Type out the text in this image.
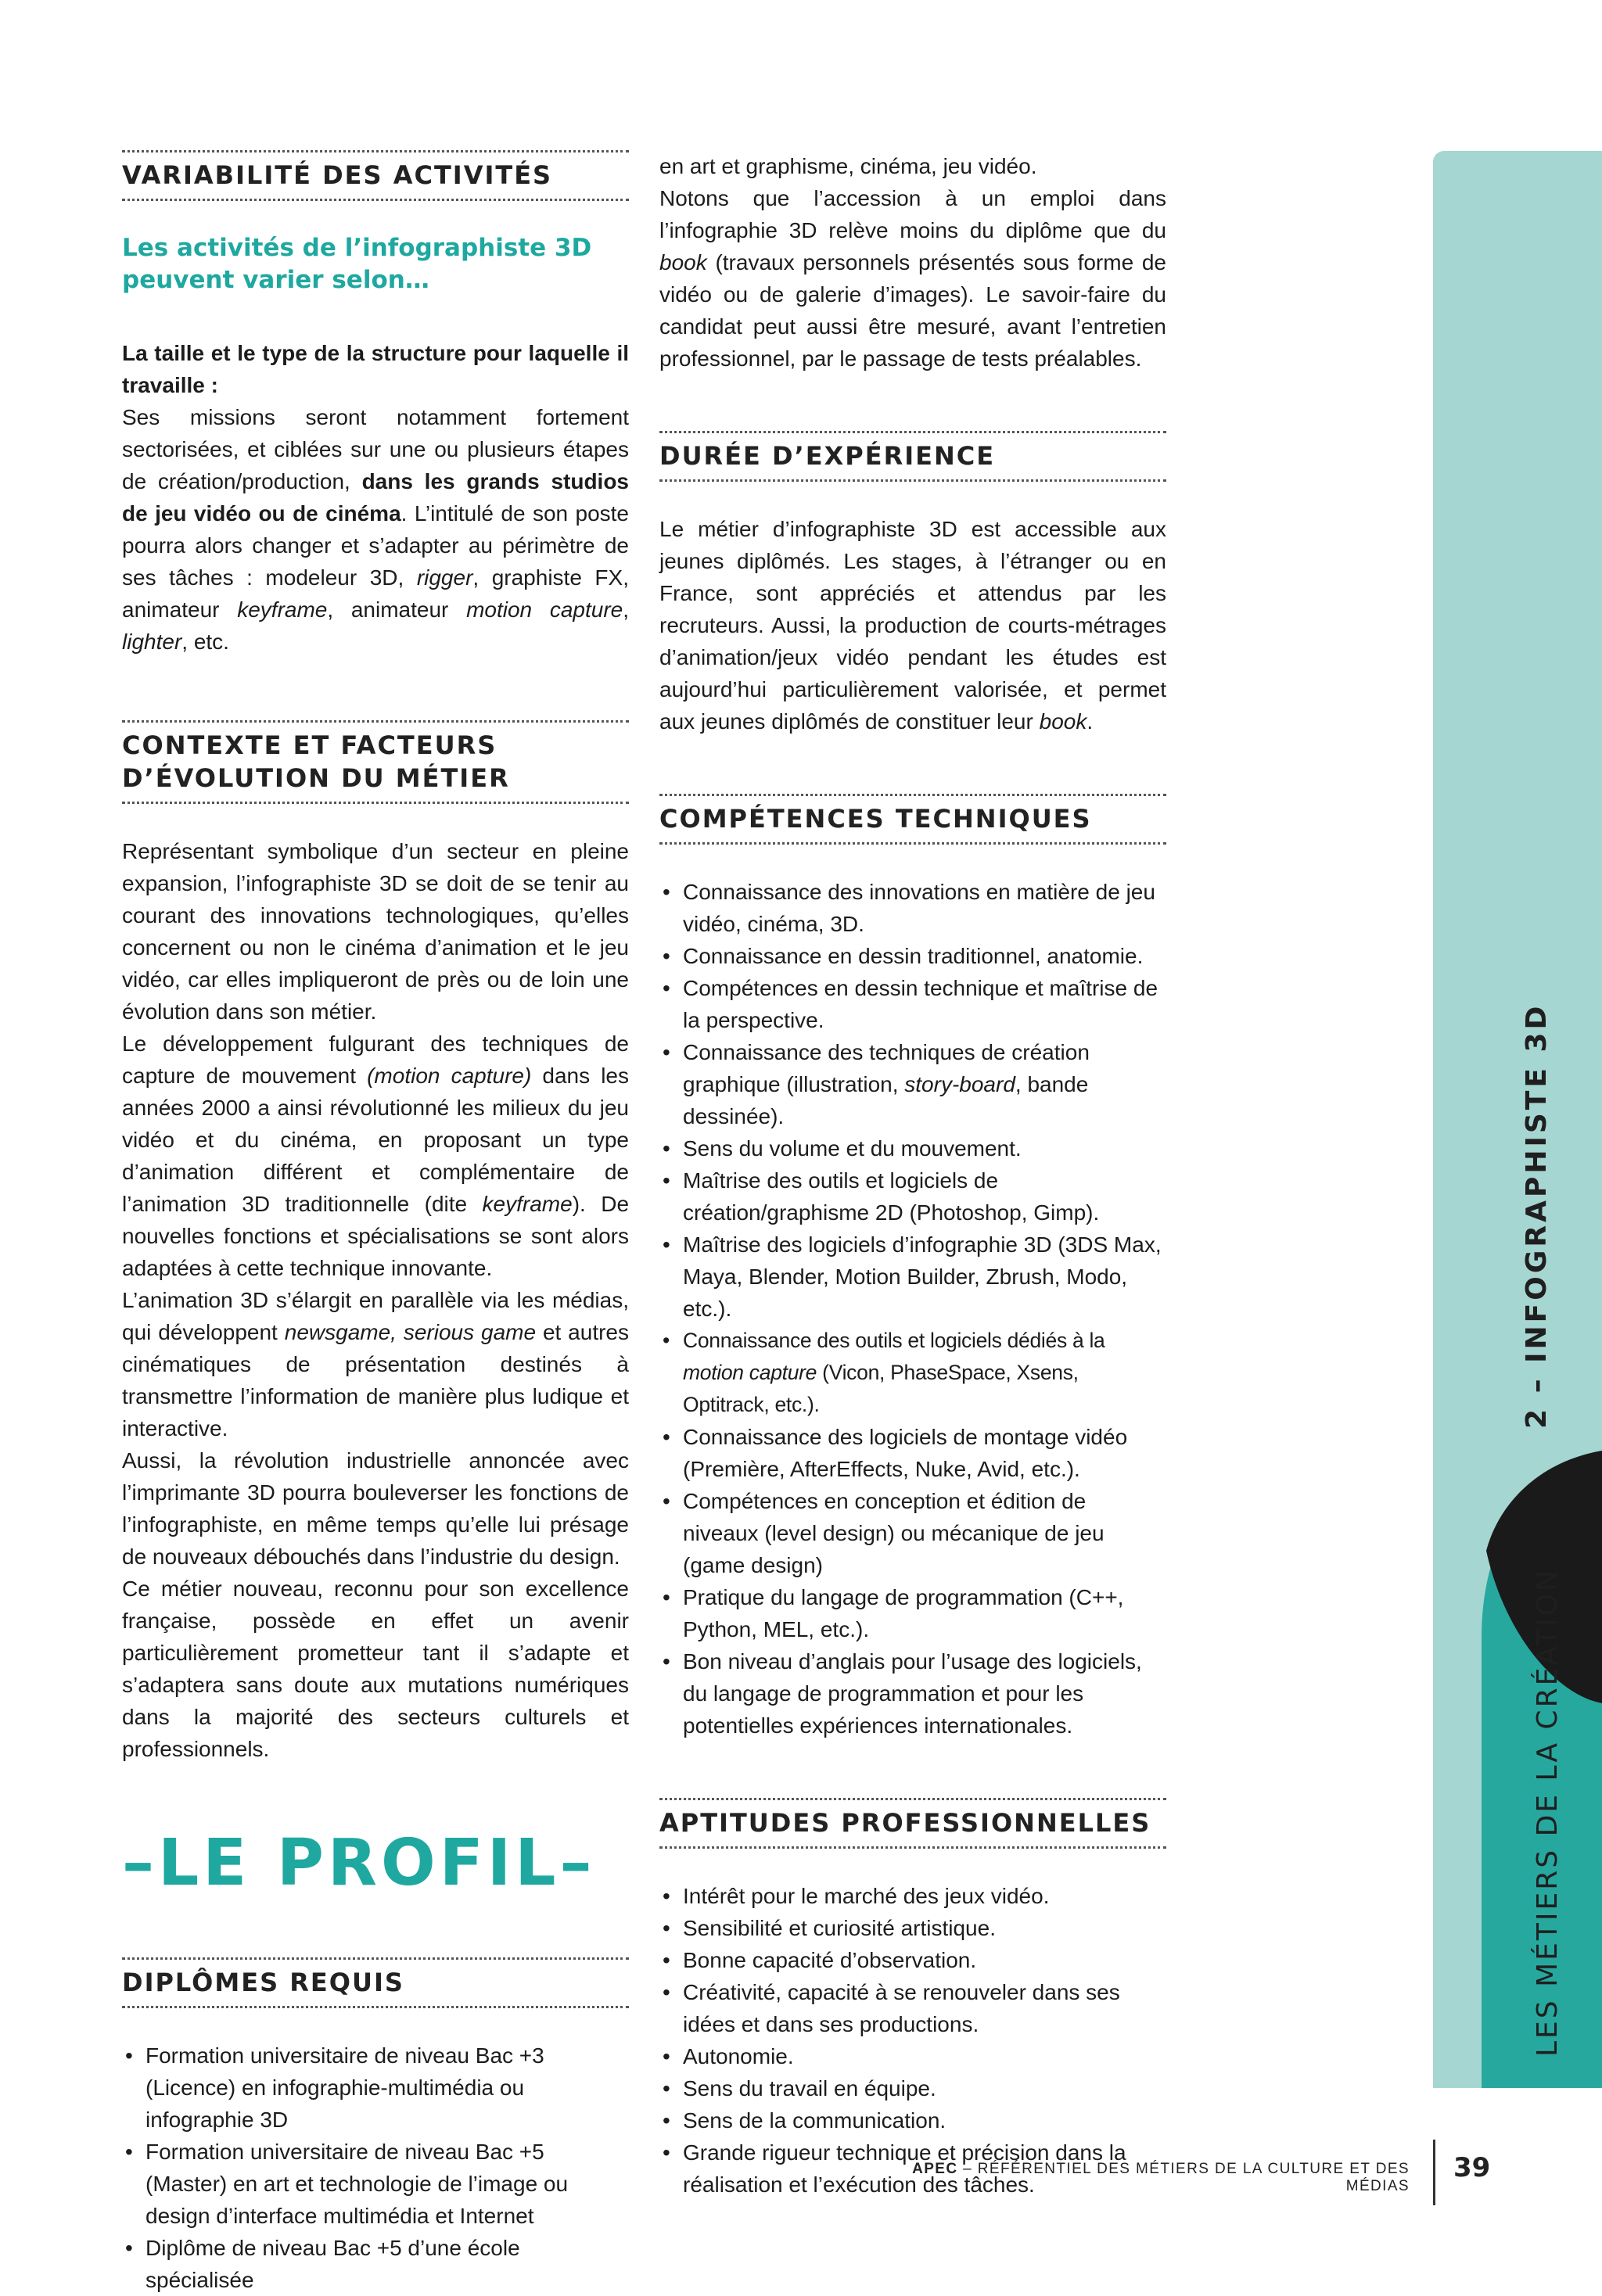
VARIABILITÉ DES ACTIVITÉS
Les activités de l’infographiste 3D peuvent varier selon…

La taille et le type de la structure pour laquelle il travaille :

Ses missions seront notamment fortement sectorisées, et ciblées sur une ou plusieurs étapes de création/production, dans les grands studios de jeu vidéo ou de cinéma. L’intitulé de son poste pourra alors changer et s’adapter au périmètre de ses tâches : modeleur 3D, rigger, graphiste FX, animateur keyframe, animateur motion capture, lighter, etc.

CONTEXTE ET FACTEURS D’ÉVOLUTION DU MÉTIER

Représentant symbolique d’un secteur en pleine expansion, l’infographiste 3D se doit de se tenir au courant des innovations technologiques, qu’elles concernent ou non le cinéma d’animation et le jeu vidéo, car elles impliqueront de près ou de loin une évolution dans son métier.

Le développement fulgurant des techniques de capture de mouvement (motion capture) dans les années 2000 a ainsi révolutionné les milieux du jeu vidéo et du cinéma, en proposant un type d’animation différent et complémentaire de l’animation 3D traditionnelle (dite keyframe). De nouvelles fonctions et spécialisations se sont alors adaptées à cette technique innovante.

L’animation 3D s’élargit en parallèle via les médias, qui développent newsgame, serious game et autres cinématiques de présentation destinés à transmettre l’information de manière plus ludique et interactive.

Aussi, la révolution industrielle annoncée avec l’imprimante 3D pourra bouleverser les fonctions de l’infographiste, en même temps qu’elle lui présage de nouveaux débouchés dans l’industrie du design.

Ce métier nouveau, reconnu pour son excellence française, possède en effet un avenir particulièrement prometteur tant il s’adapte et s’adaptera sans doute aux mutations numériques dans la majorité des secteurs culturels et professionnels.

–LE PROFIL–
DIPLÔMES REQUIS
• Formation universitaire de niveau Bac +3 (Licence) en infographie-multimédia ou infographie 3D
• Formation universitaire de niveau Bac +5 (Master) en art et technologie de l’image ou design d’interface multimédia et Internet
• Diplôme de niveau Bac +5 d’une école spécialisée

en art et graphisme, cinéma, jeu vidéo.

Notons que l’accession à un emploi dans l’infographie 3D relève moins du diplôme que du book (travaux personnels présentés sous forme de vidéo ou de galerie d’images). Le savoir-faire du candidat peut aussi être mesuré, avant l’entretien professionnel, par le passage de tests préalables.

DURÉE D’EXPÉRIENCE

Le métier d’infographiste 3D est accessible aux jeunes diplômés. Les stages, à l’étranger ou en France, sont appréciés et attendus par les recruteurs. Aussi, la production de courts-métrages d’animation/jeux vidéo pendant les études est aujourd’hui particulièrement valorisée, et permet aux jeunes diplômés de constituer leur book.

COMPÉTENCES TECHNIQUES
• Connaissance des innovations en matière de jeu vidéo, cinéma, 3D.
• Connaissance en dessin traditionnel, anatomie.
• Compétences en dessin technique et maîtrise de la perspective.
• Connaissance des techniques de création graphique (illustration, story-board, bande dessinée).
• Sens du volume et du mouvement.
• Maîtrise des outils et logiciels de création/graphisme 2D (Photoshop, Gimp).
• Maîtrise des logiciels d’infographie 3D (3DS Max, Maya, Blender, Motion Builder, Zbrush, Modo, etc.).
• Connaissance des outils et logiciels dédiés à la motion capture (Vicon, PhaseSpace, Xsens, Optitrack, etc.).
• Connaissance des logiciels de montage vidéo (Première, AfterEffects, Nuke, Avid, etc.).
• Compétences en conception et édition de niveaux (level design) ou mécanique de jeu (game design)
• Pratique du langage de programmation (C++, Python, MEL, etc.).
• Bon niveau d’anglais pour l’usage des logiciels, du langage de programmation et pour les potentielles expériences internationales.
APTITUDES PROFESSIONNELLES
• Intérêt pour le marché des jeux vidéo.
• Sensibilité et curiosité artistique.
• Bonne capacité d’observation.
• Créativité, capacité à se renouveler dans ses idées et dans ses productions.
• Autonomie.
• Sens du travail en équipe.
• Sens de la communication.
• Grande rigueur technique et précision dans la réalisation et l’exécution des tâches.
2 – INFOGRAPHISTE 3D
LES MÉTIERS DE LA CRÉATION
APEC – RÉFÉRENTIEL DES MÉTIERS DE LA CULTURE ET DES MÉDIAS
39
